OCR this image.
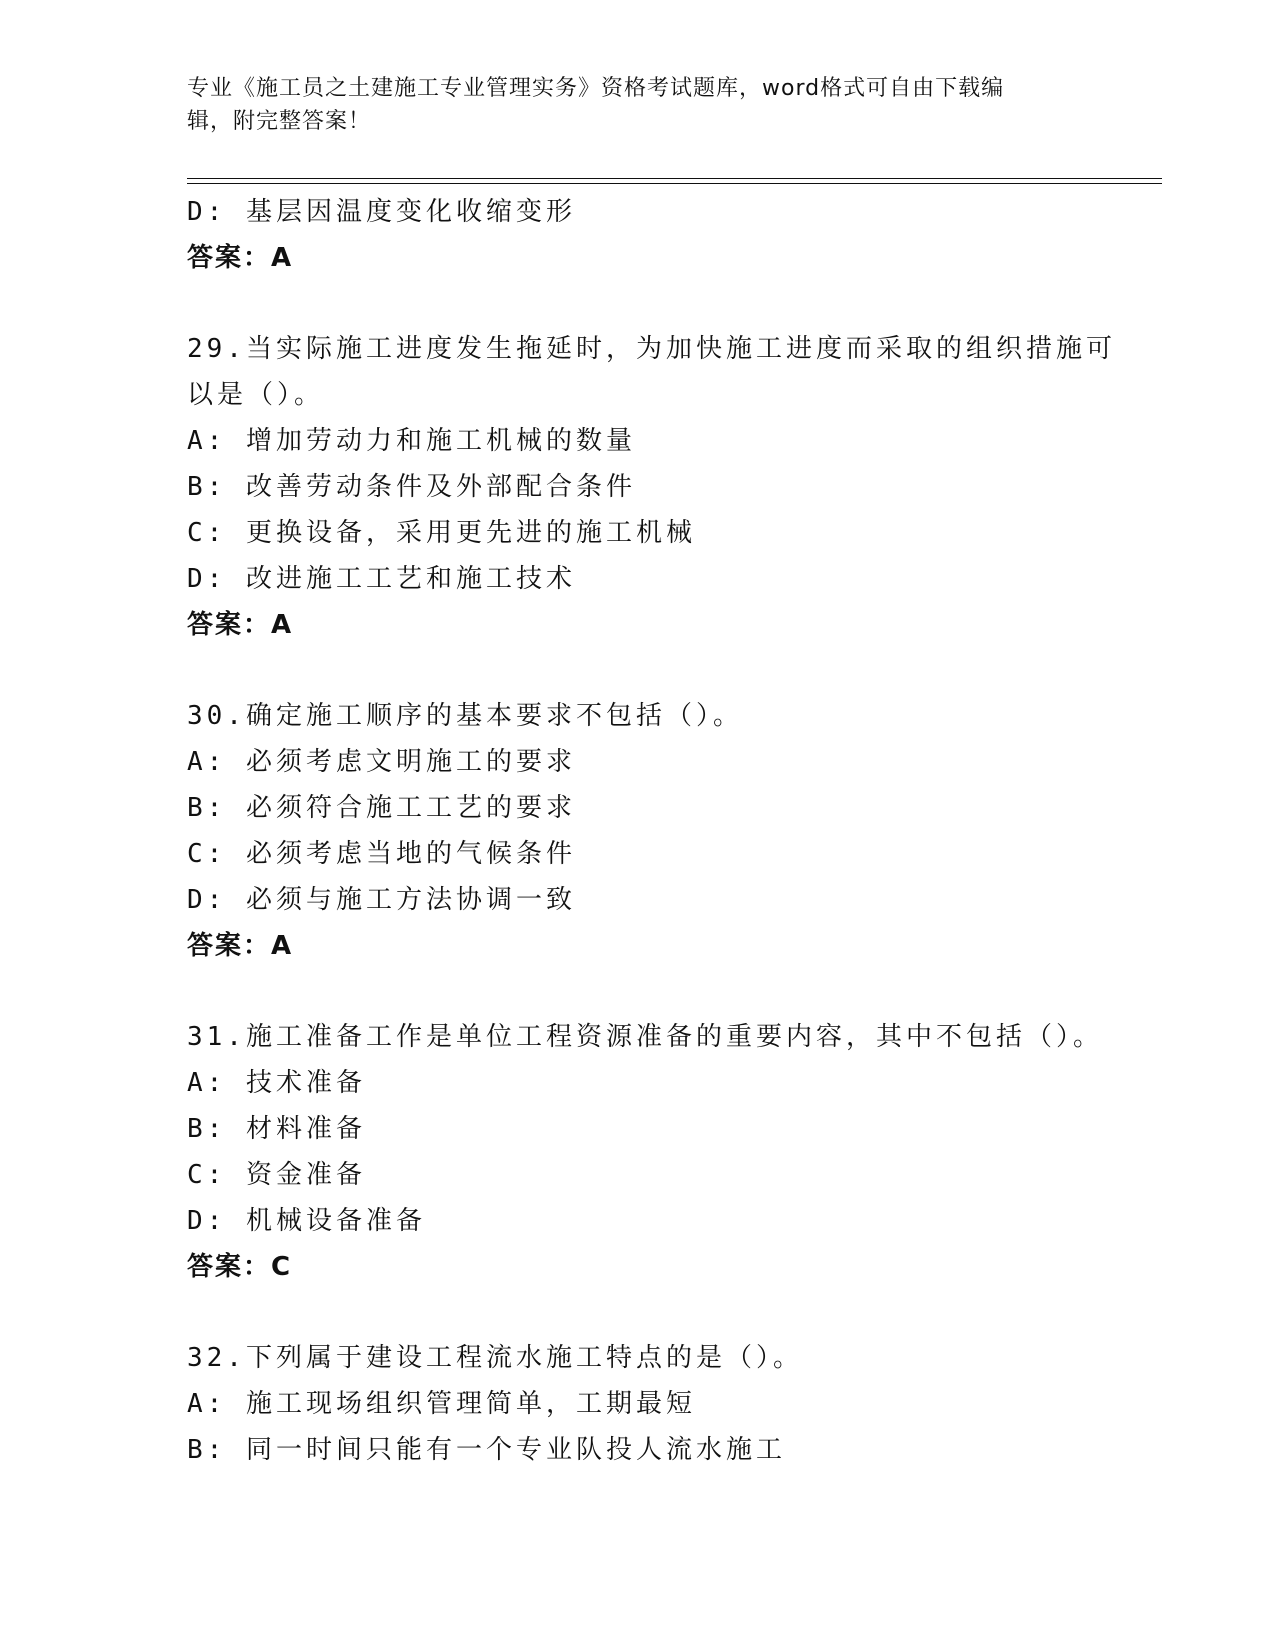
专业《施工员之土建施工专业管理实务》资格考试题库，word格式可自由下载编
辑，附完整答案！
D: 基层因温度变化收缩变形
答案：A
29.当实际施工进度发生拖延时，为加快施工进度而采取的组织措施可
以是（）。
A: 增加劳动力和施工机械的数量
B: 改善劳动条件及外部配合条件
C: 更换设备，采用更先进的施工机械
D: 改进施工工艺和施工技术
答案：A
30.确定施工顺序的基本要求不包括（）。
A: 必须考虑文明施工的要求
B: 必须符合施工工艺的要求
C: 必须考虑当地的气候条件
D: 必须与施工方法协调一致
答案：A
31.施工准备工作是单位工程资源准备的重要内容，其中不包括（）。
A: 技术准备
B: 材料准备
C: 资金准备
D: 机械设备准备
答案：C
32.下列属于建设工程流水施工特点的是（）。
A: 施工现场组织管理简单，工期最短
B: 同一时间只能有一个专业队投人流水施工
